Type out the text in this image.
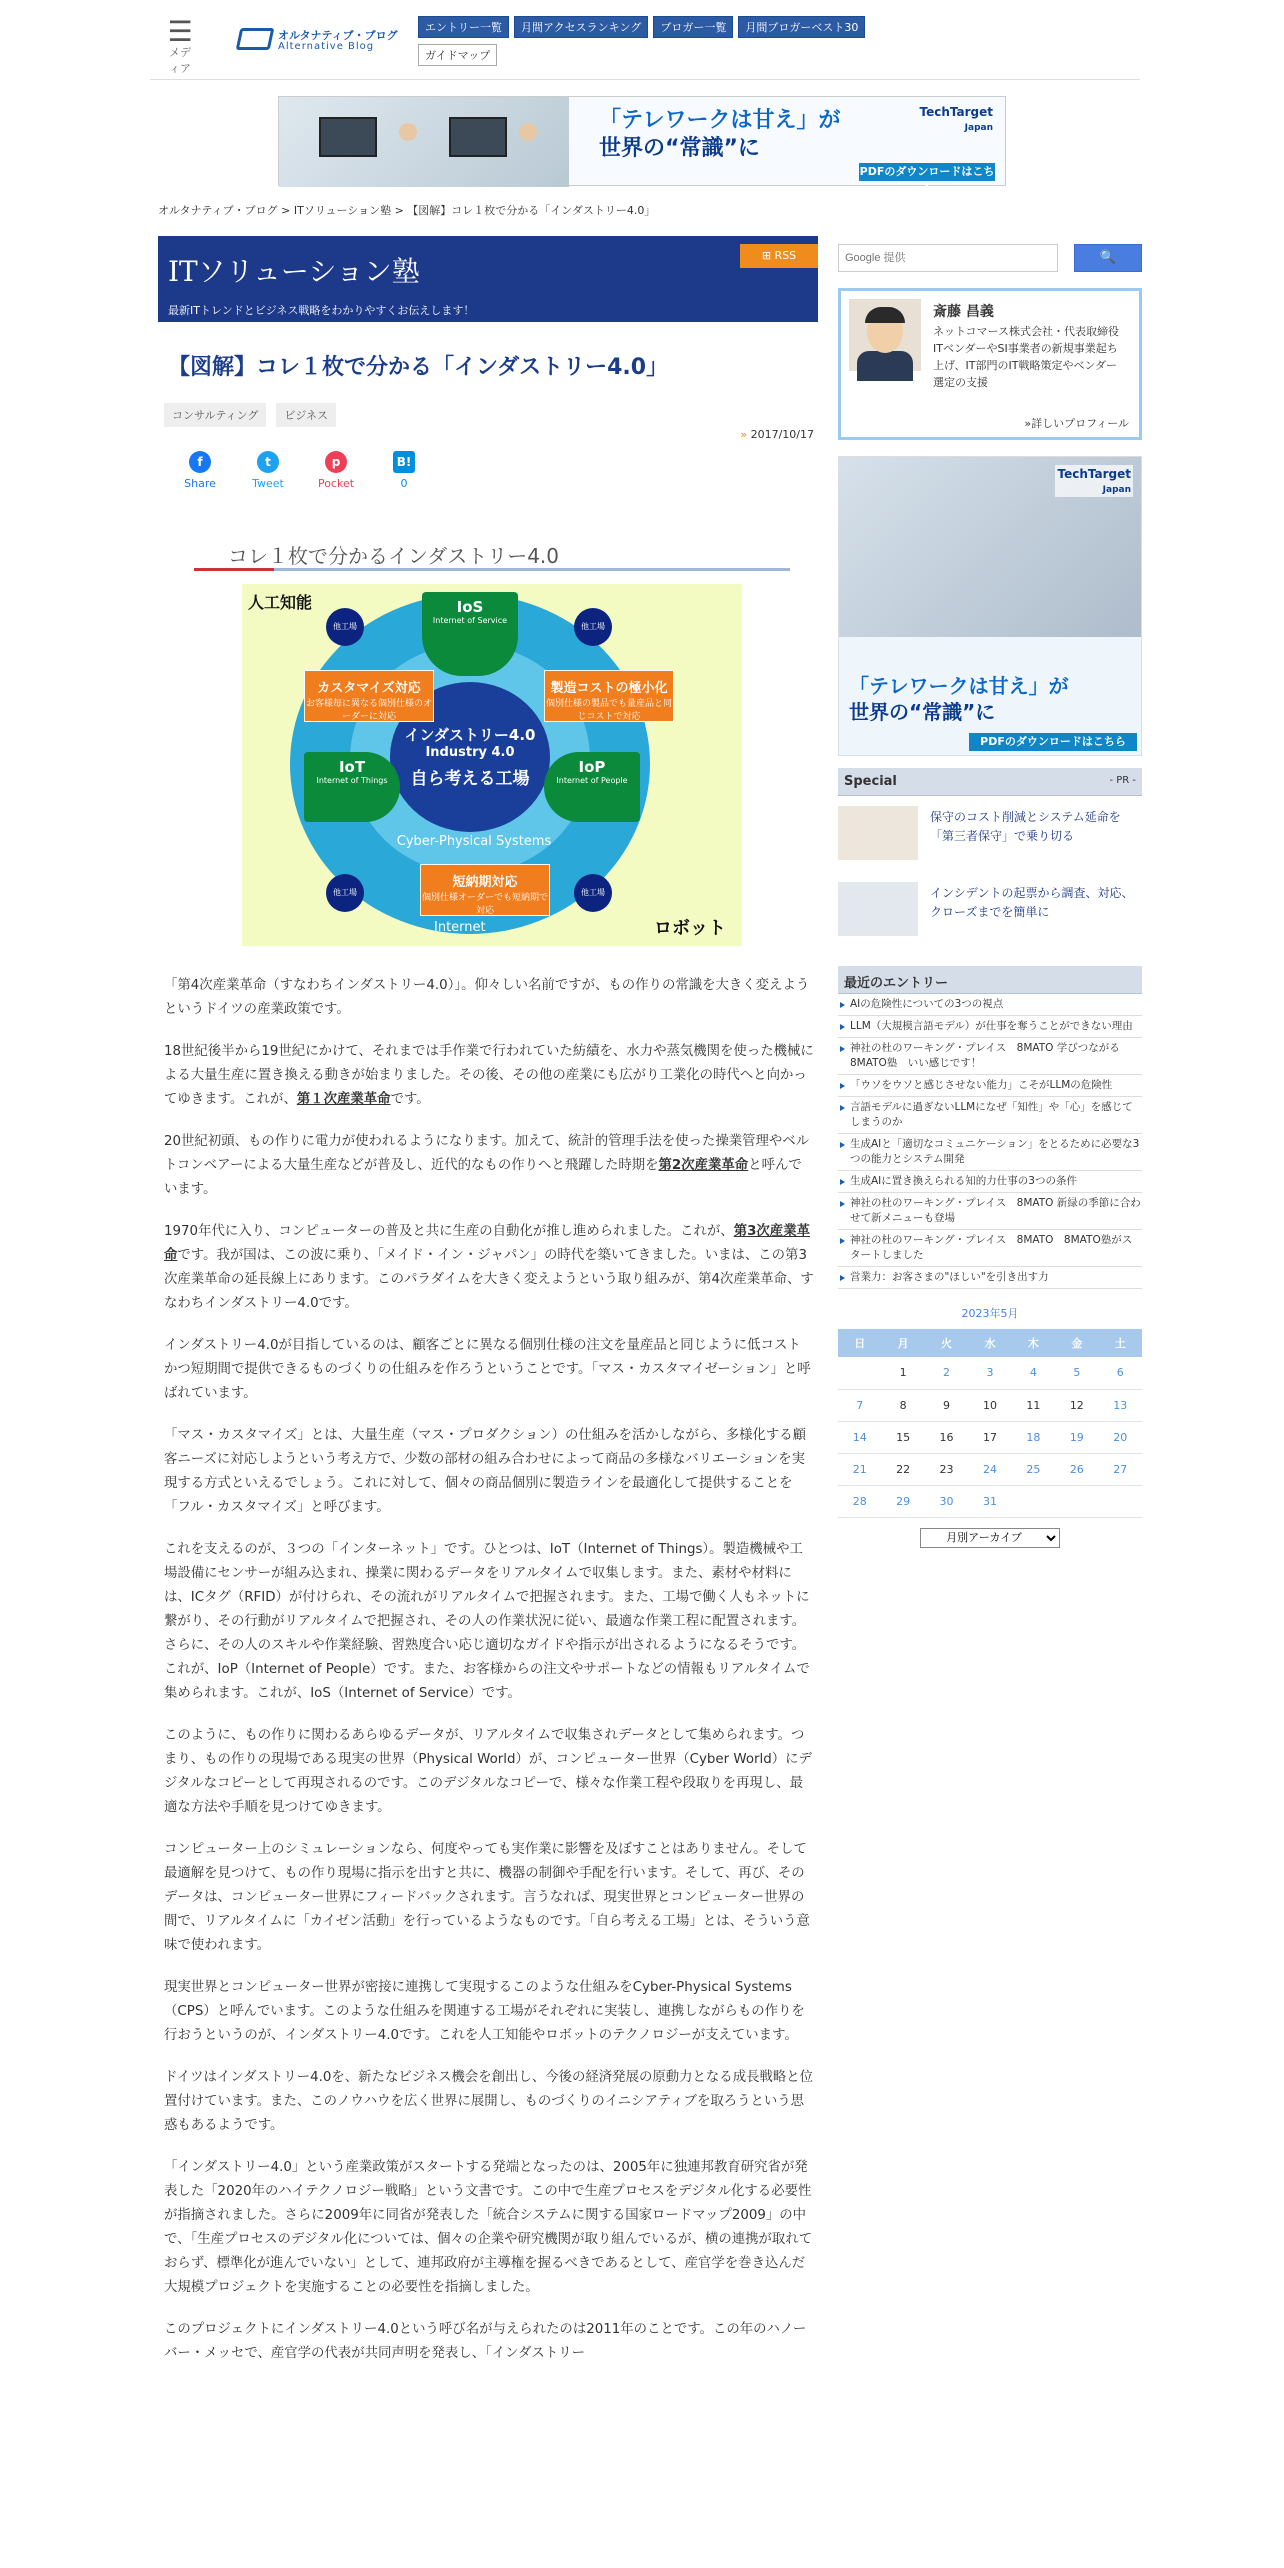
☰
メディア
オルタナティブ・ブログ
Alternative Blog
エントリー一覧	月間アクセスランキング	ブロガー一覧	月間ブロガーベスト30
ガイドマップ
「テレワークは甘え」が
世界の“常識”に
TechTarget
Japan
PDFのダウンロードはこちら
オルタナティブ・ブログ > ITソリューション塾 > 【図解】コレ１枚で分かる「インダストリー4.0」
ITソリューション塾
最新ITトレンドとビジネス戦略をわかりやすくお伝えします！
⊞ RSS
【図解】コレ１枚で分かる「インダストリー4.0」
コンサルティング	ビジネス
» 2017/10/17
f
Share
t
Tweet
p
Pocket
B!
0
コレ１枚で分かるインダストリー4.0
人工知能
Cyber-Physical Systems
Internet
インダストリー4.0
Industry 4.0
自ら考える工場
IoS
Internet of Service
IoT
Internet of Things
IoP
Internet of People
カスタマイズ対応
お客様毎に異なる個別仕様のオーダーに対応
製造コストの極小化
個別仕様の製品でも量産品と同じコストで対応
短納期対応
個別仕様オーダーでも短納期で対応
他工場	他工場
他工場	他工場
ロボット

「第4次産業革命（すなわちインダストリー4.0）」。仰々しい名前ですが、もの作りの常識を大きく変えようというドイツの産業政策です。

18世紀後半から19世紀にかけて、それまでは手作業で行われていた紡績を、水力や蒸気機関を使った機械による大量生産に置き換える動きが始まりました。その後、その他の産業にも広がり工業化の時代へと向かってゆきます。これが、第１次産業革命です。

20世紀初頭、もの作りに電力が使われるようになります。加えて、統計的管理手法を使った操業管理やベルトコンベアーによる大量生産などが普及し、近代的なもの作りへと飛躍した時期を第2次産業革命と呼んでいます。

1970年代に入り、コンピューターの普及と共に生産の自動化が推し進められました。これが、第3次産業革命です。我が国は、この波に乗り、「メイド・イン・ジャパン」の時代を築いてきました。いまは、この第3次産業革命の延長線上にあります。このパラダイムを大きく変えようという取り組みが、第4次産業革命、すなわちインダストリー4.0です。

インダストリー4.0が目指しているのは、顧客ごとに異なる個別仕様の注文を量産品と同じように低コストかつ短期間で提供できるものづくりの仕組みを作ろうということです。「マス・カスタマイゼーション」と呼ばれています。

「マス・カスタマイズ」とは、大量生産（マス・プロダクション）の仕組みを活かしながら、多様化する顧客ニーズに対応しようという考え方で、少数の部材の組み合わせによって商品の多様なバリエーションを実現する方式といえるでしょう。これに対して、個々の商品個別に製造ラインを最適化して提供することを「フル・カスタマイズ」と呼びます。

これを支えるのが、３つの「インターネット」です。ひとつは、IoT（Internet of Things）。製造機械や工場設備にセンサーが組み込まれ、操業に関わるデータをリアルタイムで収集します。また、素材や材料には、ICタグ（RFID）が付けられ、その流れがリアルタイムで把握されます。また、工場で働く人もネットに繋がり、その行動がリアルタイムで把握され、その人の作業状況に従い、最適な作業工程に配置されます。さらに、その人のスキルや作業経験、習熟度合い応じ適切なガイドや指示が出されるようになるそうです。これが、IoP（Internet of People）です。また、お客様からの注文やサポートなどの情報もリアルタイムで集められます。これが、IoS（Internet of Service）です。

このように、もの作りに関わるあらゆるデータが、リアルタイムで収集されデータとして集められます。つまり、もの作りの現場である現実の世界（Physical World）が、コンピューター世界（Cyber World）にデジタルなコピーとして再現されるのです。このデジタルなコピーで、様々な作業工程や段取りを再現し、最適な方法や手順を見つけてゆきます。

コンピューター上のシミュレーションなら、何度やっても実作業に影響を及ぼすことはありません。そして最適解を見つけて、もの作り現場に指示を出すと共に、機器の制御や手配を行います。そして、再び、そのデータは、コンピューター世界にフィードバックされます。言うなれば、現実世界とコンピューター世界の間で、リアルタイムに「カイゼン活動」を行っているようなものです。「自ら考える工場」とは、そういう意味で使われます。

現実世界とコンピューター世界が密接に連携して実現するこのような仕組みをCyber-Physical Systems（CPS）と呼んでいます。このような仕組みを関連する工場がそれぞれに実装し、連携しながらもの作りを行おうというのが、インダストリー4.0です。これを人工知能やロボットのテクノロジーが支えています。

ドイツはインダストリー4.0を、新たなビジネス機会を創出し、今後の経済発展の原動力となる成長戦略と位置付けています。また、このノウハウを広く世界に展開し、ものづくりのイニシアティブを取ろうという思惑もあるようです。

「インダストリー4.0」という産業政策がスタートする発端となったのは、2005年に独連邦教育研究省が発表した「2020年のハイテクノロジー戦略」という文書です。この中で生産プロセスをデジタル化する必要性が指摘されました。さらに2009年に同省が発表した「統合システムに関する国家ロードマップ2009」の中で、「生産プロセスのデジタル化については、個々の企業や研究機関が取り組んでいるが、横の連携が取れておらず、標準化が進んでいない」として、連邦政府が主導権を握るべきであるとして、産官学を巻き込んだ大規模プロジェクトを実施することの必要性を指摘しました。

このプロジェクトにインダストリー4.0という呼び名が与えられたのは2011年のことです。この年のハノーバー・メッセで、産官学の代表が共同声明を発表し、「インダストリー

Google 提供
🔍
斎藤 昌義
ネットコマース株式会社・代表取締役
ITベンダーやSI事業者の新規事業起ち上げ、IT部門のIT戦略策定やベンダー選定の支援
»詳しいプロフィール
TechTarget
Japan
「テレワークは甘え」が
世界の“常識”に
PDFのダウンロードはこちら
Special	- PR -
保守のコスト削減とシステム延命を「第三者保守」で乗り切る
インシデントの起票から調査、対応、クローズまでを簡単に
最近のエントリー
AIの危険性についての3つの視点
LLM（大規模言語モデル）が仕事を奪うことができない理由
神社の杜のワーキング・プレイス　8MATO 学びつながる8MATO塾　いい感じです！
「ウソをウソと感じさせない能力」こそがLLMの危険性
言語モデルに過ぎないLLMになぜ「知性」や「心」を感じてしまうのか
生成AIと「適切なコミュニケーション」をとるために必要な3つの能力とシステム開発
生成AIに置き換えられる知的力仕事の3つの条件
神社の杜のワーキング・プレイス　8MATO 新緑の季節に合わせて新メニューも登場
神社の杜のワーキング・プレイス　8MATO　8MATO塾がスタートしました
営業力：お客さまの"ほしい"を引き出す力
2023年5月
日	月	火	水	木	金	土
	1	2	3	4	5	6
7	8	9	10	11	12	13
14	15	16	17	18	19	20
21	22	23	24	25	26	27
28	29	30	31			
月別アーカイブ
